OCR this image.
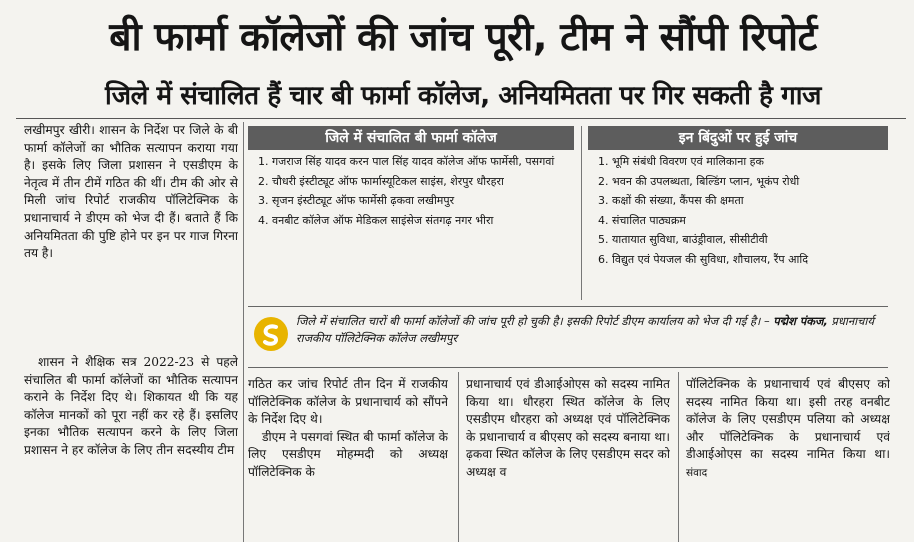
बी फार्मा कॉलेजों की जांच पूरी, टीम ने सौंपी रिपोर्ट
जिले में संचालित हैं चार बी फार्मा कॉलेज, अनियमितता पर गिर सकती है गाज

लखीमपुर खीरी। शासन के निर्देश पर जिले के बी फार्मा कॉलेजों का भौतिक सत्यापन कराया गया है। इसके लिए जिला प्रशासन ने एसडीएम के नेतृत्व में तीन टीमें गठित की थीं। टीम की ओर से मिली जांच रिपोर्ट राजकीय पॉलिटेक्निक के प्रधानाचार्य ने डीएम को भेज दी हैं। बताते हैं कि अनियमितता की पुष्टि होने पर इन पर गाज गिरना तय है।

शासन ने शैक्षिक सत्र 2022-23 से पहले संचालित बी फार्मा कॉलेजों का भौतिक सत्यापन कराने के निर्देश दिए थे। शिकायत थी कि यह कॉलेज मानकों को पूरा नहीं कर रहे हैं। इसलिए इनका भौतिक सत्यापन करने के लिए जिला प्रशासन ने हर कॉलेज के लिए तीन सदस्यीय टीम

जिले में संचालित बी फार्मा कॉलेज
1. गजराज सिंह यादव करन पाल सिंह यादव कॉलेज ऑफ फार्मेसी, पसगवां
2. चौधरी इंस्टीट्यूट ऑफ फार्मास्यूटिकल साइंस, शेरपुर धौरहरा
3. सृजन इंस्टीट्यूट ऑफ फार्मेसी ढ़कवा लखीमपुर
4. वनबीट कॉलेज ऑफ मेडिकल साइंसेज संतगढ़ नगर भीरा
इन बिंदुओं पर हुई जांच
1. भूमि संबंधी विवरण एवं मालिकाना हक
2. भवन की उपलब्धता, बिल्डिंग प्लान, भूकंप रोधी
3. कक्षों की संख्या, कैंपस की क्षमता
4. संचालित पाठ्यक्रम
5. यातायात सुविधा, बाउंड्रीवाल, सीसीटीवी
6. विद्युत एवं पेयजल की सुविधा, शौचालय, रैंप आदि
जिले में संचालित चारों बी फार्मा कॉलेजों की जांच पूरी हो चुकी है। इसकी रिपोर्ट डीएम कार्यालय को भेज दी गई है। – पद्मेश पंकज, प्रधानाचार्य राजकीय पॉलिटेक्निक कॉलेज लखीमपुर

गठित कर जांच रिपोर्ट तीन दिन में राजकीय पॉलिटेक्निक कॉलेज के प्रधानाचार्य को सौंपने के निर्देश दिए थे।

डीएम ने पसगवां स्थित बी फार्मा कॉलेज के लिए एसडीएम मोहम्मदी को अध्यक्ष पॉलिटेक्निक के

प्रधानाचार्य एवं डीआईओएस को सदस्य नामित किया था। धौरहरा स्थित कॉलेज के लिए एसडीएम धौरहरा को अध्यक्ष एवं पॉलिटेक्निक के प्रधानाचार्य व बीएसए को सदस्य बनाया था। ढ़कवा स्थित कॉलेज के लिए एसडीएम सदर को अध्यक्ष व

पॉलिटेक्निक के प्रधानाचार्य एवं बीएसए को सदस्य नामित किया था। इसी तरह वनबीट कॉलेज के लिए एसडीएम पलिया को अध्यक्ष और पॉलिटेक्निक के प्रधानाचार्य एवं डीआईओएस का सदस्य नामित किया था। संवाद
